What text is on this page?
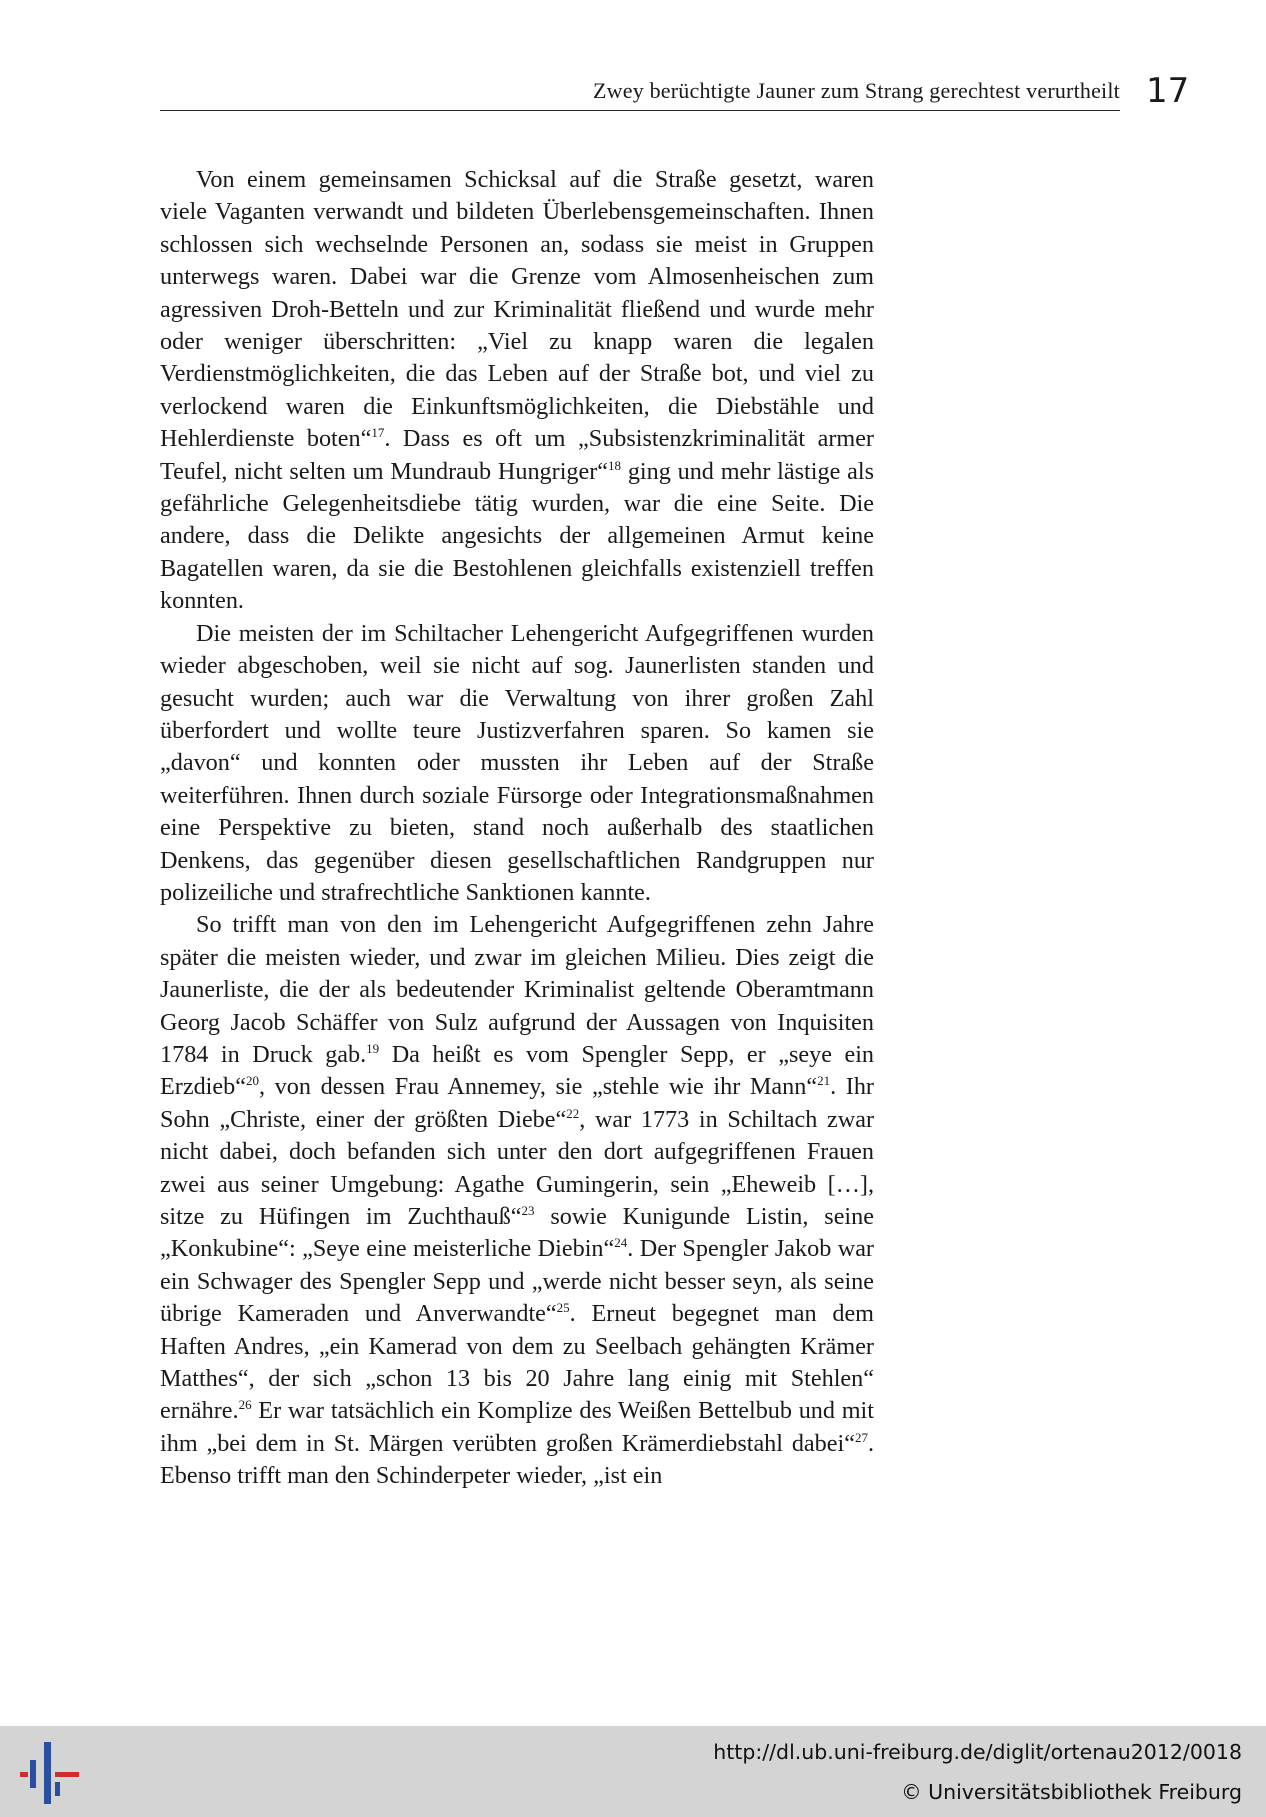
Zwey berüchtigte Jauner zum Strang gerechtest verurtheilt 17

Von einem gemeinsamen Schicksal auf die Straße gesetzt, waren viele Vaganten verwandt und bildeten Überlebensgemeinschaften. Ihnen schlossen sich wechselnde Personen an, sodass sie meist in Gruppen unterwegs waren. Dabei war die Grenze vom Almosenheischen zum agressiven Droh-Betteln und zur Kriminalität fließend und wurde mehr oder weniger überschritten: „Viel zu knapp waren die legalen Verdienstmöglichkeiten, die das Leben auf der Straße bot, und viel zu verlockend waren die Einkunftsmöglichkeiten, die Diebstähle und Hehlerdienste boten“$^{17}$. Dass es oft um „Subsistenzkriminalität armer Teufel, nicht selten um Mundraub Hungriger“$^{18}$ ging und mehr lästige als gefährliche Gelegenheitsdiebe tätig wurden, war die eine Seite. Die andere, dass die Delikte angesichts der allgemeinen Armut keine Bagatellen waren, da sie die Bestohlenen gleichfalls existenziell treffen konnten.

Die meisten der im Schiltacher Lehengericht Aufgegriffenen wurden wieder abgeschoben, weil sie nicht auf sog. Jaunerlisten standen und gesucht wurden; auch war die Verwaltung von ihrer großen Zahl überfordert und wollte teure Justizverfahren sparen. So kamen sie „davon“ und konnten oder mussten ihr Leben auf der Straße weiterführen. Ihnen durch soziale Fürsorge oder Integrationsmaßnahmen eine Perspektive zu bieten, stand noch außerhalb des staatlichen Denkens, das gegenüber diesen gesellschaftlichen Randgruppen nur polizeiliche und strafrechtliche Sanktionen kannte.

So trifft man von den im Lehengericht Aufgegriffenen zehn Jahre später die meisten wieder, und zwar im gleichen Milieu. Dies zeigt die Jaunerliste, die der als bedeutender Kriminalist geltende Oberamtmann Georg Jacob Schäffer von Sulz aufgrund der Aussagen von Inquisiten 1784 in Druck gab.$^{19}$ Da heißt es vom Spengler Sepp, er „seye ein Erzdieb“$^{20}$, von dessen Frau Annemey, sie „stehle wie ihr Mann“$^{21}$. Ihr Sohn „Christe, einer der größten Diebe“$^{22}$, war 1773 in Schiltach zwar nicht dabei, doch befanden sich unter den dort aufgegriffenen Frauen zwei aus seiner Umgebung: Agathe Gumingerin, sein „Eheweib […], sitze zu Hüfingen im Zuchthauß“$^{23}$ sowie Kunigunde Listin, seine „Konkubine“: „Seye eine meisterliche Diebin“$^{24}$. Der Spengler Jakob war ein Schwager des Spengler Sepp und „werde nicht besser seyn, als seine übrige Kameraden und Anverwandte“$^{25}$. Erneut begegnet man dem Haften Andres, „ein Kamerad von dem zu Seelbach gehängten Krämer Matthes“, der sich „schon 13 bis 20 Jahre lang einig mit Stehlen“ ernähre.$^{26}$ Er war tatsächlich ein Komplize des Weißen Bettelbub und mit ihm „bei dem in St. Märgen verübten großen Krämerdiebstahl dabei“$^{27}$. Ebenso trifft man den Schinderpeter wieder, „ist ein

http://dl.ub.uni-freiburg.de/diglit/ortenau2012/0018
© Universitätsbibliothek Freiburg
